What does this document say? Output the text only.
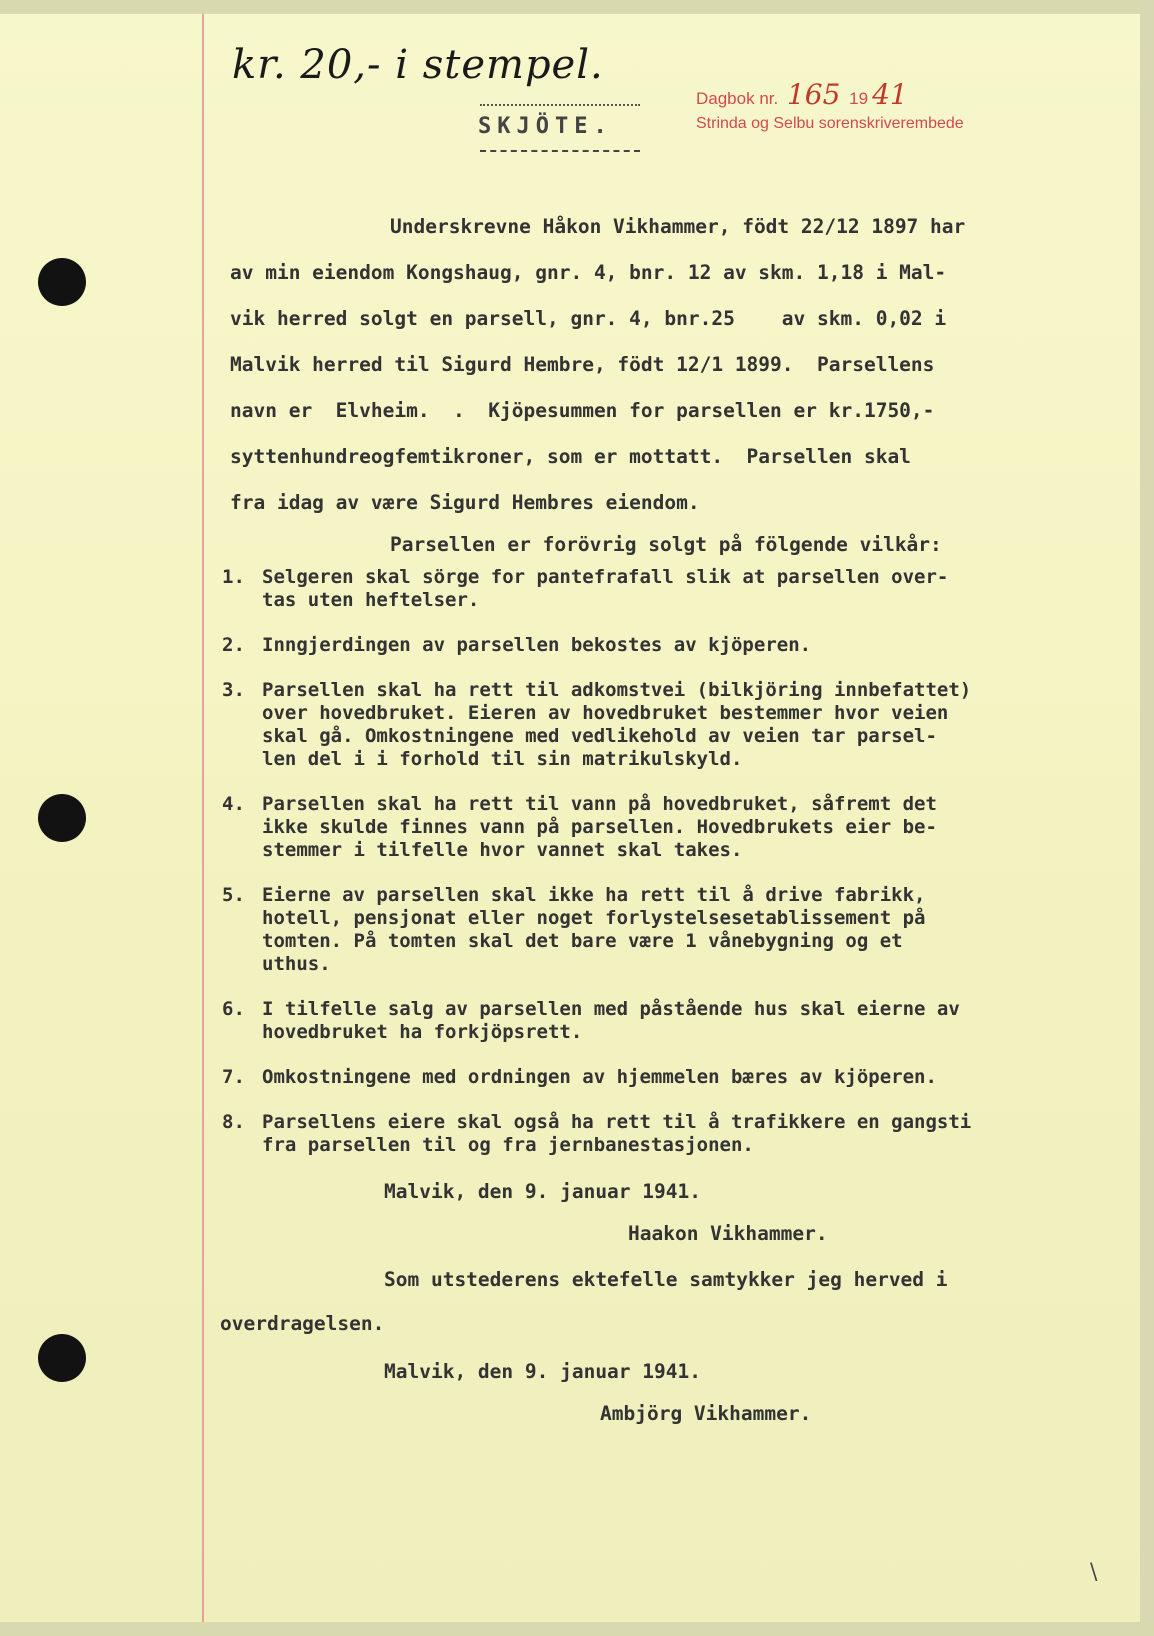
kr. 20,- i stempel.
SKJÖTE.
Dagbok nr. 165 19 41
Strinda og Selbu sorenskriverembede

Underskrevne Håkon Vikhammer, födt 22/12 1897 har

av min eiendom Kongshaug, gnr. 4, bnr. 12 av skm. 1,18 i Mal-

vik herred solgt en parsell, gnr. 4, bnr.25    av skm. 0,02 i

Malvik herred til Sigurd Hembre, födt 12/1 1899.  Parsellens

navn er  Elvheim.  .  Kjöpesummen for parsellen er kr.1750,-

syttenhundreogfemtikroner, som er mottatt.  Parsellen skal

fra idag av være Sigurd Hembres eiendom.

Parsellen er forövrig solgt på fölgende vilkår:

1. Selgeren skal sörge for pantefrafall slik at parsellen over-
tas uten heftelser.
2. Inngjerdingen av parsellen bekostes av kjöperen.
3. Parsellen skal ha rett til adkomstvei (bilkjöring innbefattet)
over hovedbruket. Eieren av hovedbruket bestemmer hvor veien
skal gå. Omkostningene med vedlikehold av veien tar parsel-
len del i i forhold til sin matrikulskyld.
4. Parsellen skal ha rett til vann på hovedbruket, såfremt det
ikke skulde finnes vann på parsellen. Hovedbrukets eier be-
stemmer i tilfelle hvor vannet skal takes.
5. Eierne av parsellen skal ikke ha rett til å drive fabrikk,
hotell, pensjonat eller noget forlystelsesetablissement på
tomten. På tomten skal det bare være 1 vånebygning og et
uthus.
6. I tilfelle salg av parsellen med påstående hus skal eierne av
hovedbruket ha forkjöpsrett.
7. Omkostningene med ordningen av hjemmelen bæres av kjöperen.
8. Parsellens eiere skal også ha rett til å trafikkere en gangsti
fra parsellen til og fra jernbanestasjonen.
Malvik, den 9. januar 1941.
Haakon Vikhammer.
Som utstederens ektefelle samtykker jeg herved i
overdragelsen.
Malvik, den 9. januar 1941.
Ambjörg Vikhammer.
\
